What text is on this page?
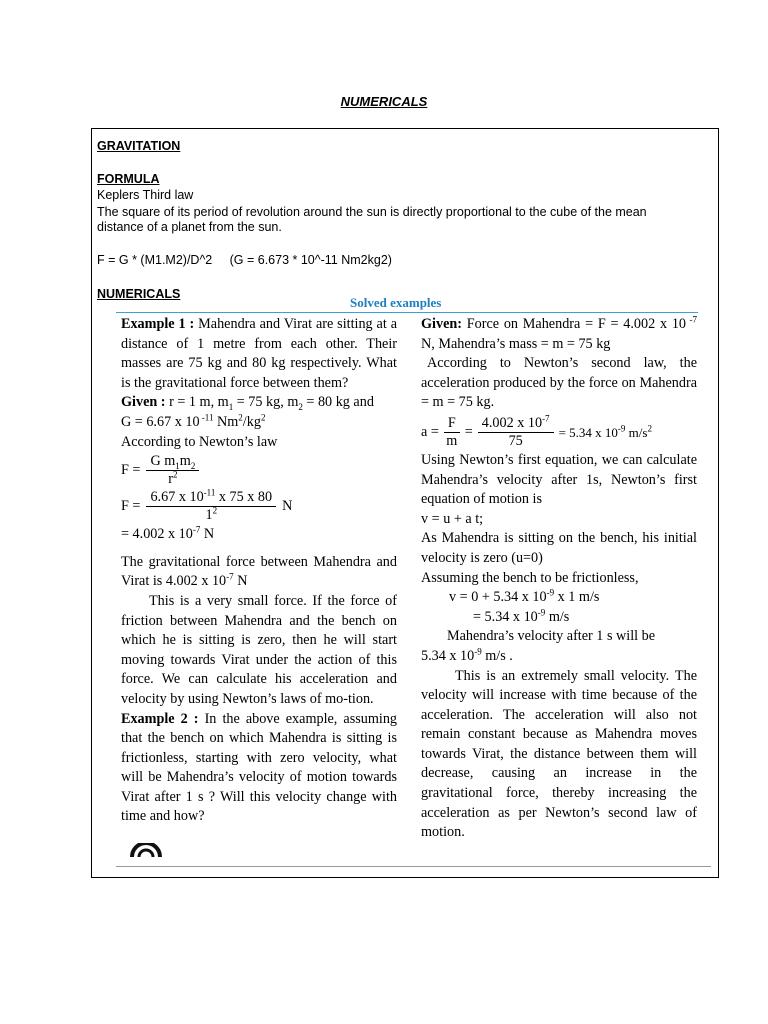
NUMERICALS
GRAVITATION
FORMULA
Keplers Third law
The square of its period of revolution around the sun is directly proportional to the cube of the mean
distance of a planet from the sun.
F = G * (M1.M2)/D^2     (G = 6.673 * 10^-11 Nm2kg2)
NUMERICALS
Solved examples

Example 1 : Mahendra and Virat are sitting at a distance of 1 metre from each other. Their masses are 75 kg and 80 kg respectively. What is the gravitational force between them?

Given : r = 1 m, $m_1 = 75$ kg, $m_2 = 80$ kg and

G = 6.67 x 10 $^{-11}$ $Nm^2/kg^2$

According to Newton’s law

$F = \frac{G m_1m_2}{r^2}$
$F = \frac{6.67 x 10^{-11} x 75 x 80}{1^2}$ N

= 4.002 x $10^{-7}$ N

The gravitational force between Mahendra and Virat is 4.002 x $10^{-7}$ N

This is a very small force. If the force of friction between Mahendra and the bench on which he is sitting is zero, then he will start moving towards Virat under the action of this force. We can calculate his acceleration and velocity by using Newton’s laws of mo-tion.

Example 2 : In the above example, assuming that the bench on which Mahendra is sitting is frictionless, starting with zero velocity, what will be Mahendra’s velocity of motion towards Virat after 1 s ? Will this velocity change with time and how?

Given: Force on Mahendra = F = 4.002 x 10 $^{-7}$ N, Mahendra’s mass = m = 75 kg

According to Newton’s second law, the acceleration produced by the force on Mahendra = m = 75 kg.

$a = \frac{F}{m} = \frac{4.002 x 10^{-7}}{75} = 5.34$ x $10^{-9}$ $m/s^2$

Using Newton’s first equation, we can calculate Mahendra’s velocity after 1s, Newton’s first equation of motion is

v = u + a t;

As Mahendra is sitting on the bench, his initial velocity is zero (u=0)

Assuming the bench to be frictionless,

v = 0 + 5.34 x $10^{-9}$ x 1 m/s

= 5.34 x $10^{-9}$ m/s

Mahendra’s velocity after 1 s will be

5.34 x $10^{-9}$ m/s .

This is an extremely small velocity. The velocity will increase with time because of the acceleration. The acceleration will also not remain constant because as Mahendra moves towards Virat, the distance between them will decrease, causing an increase in the gravitational force, thereby increasing the acceleration as per Newton’s second law of motion.
